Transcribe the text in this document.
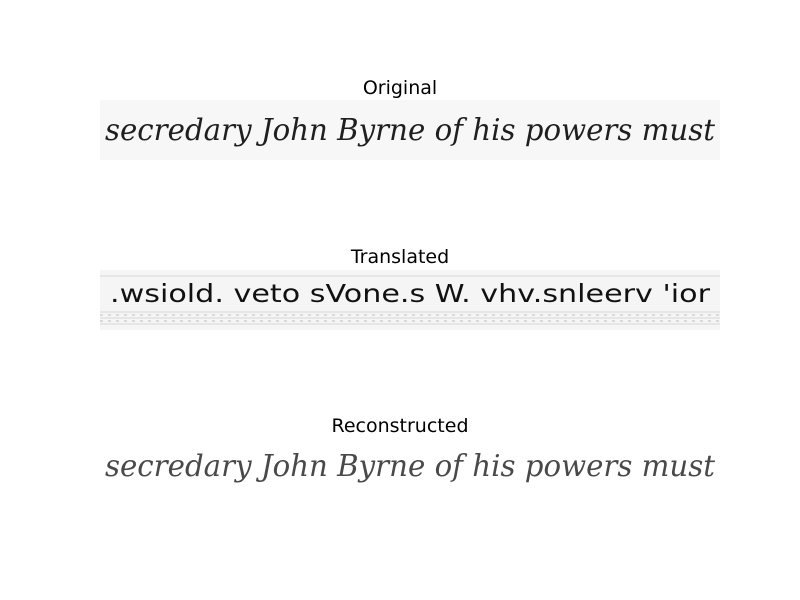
Original
secredary John Byrne of his powers must
Translated
.wsiold. veto sVone.s W. vhv.snleerv 'ior
Reconstructed
secredary John Byrne of his powers must
